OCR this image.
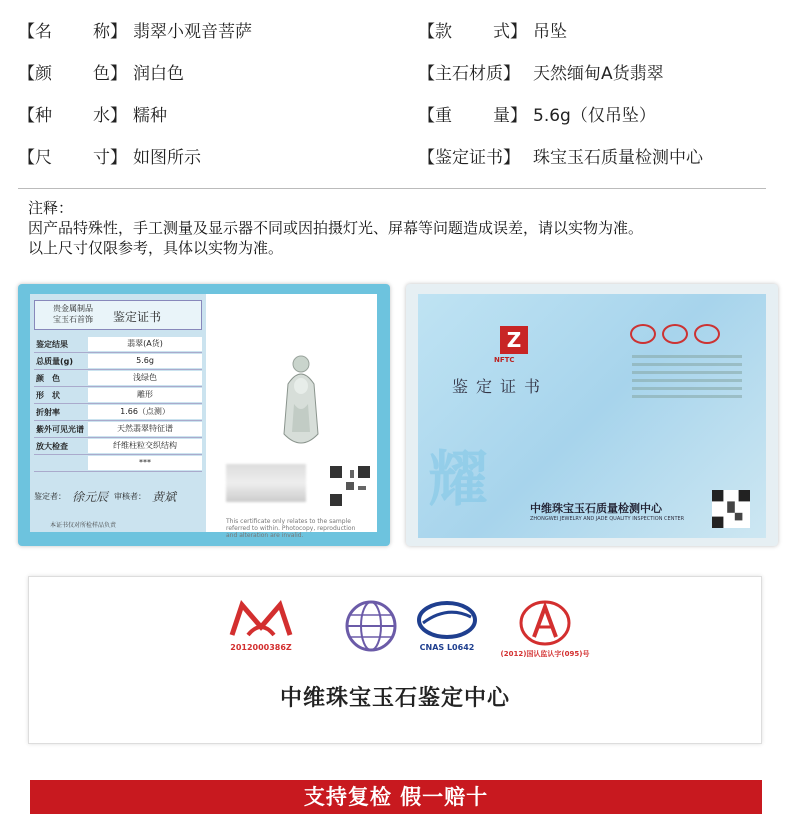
【名 称】 翡翠小观音菩萨	【款 式】 吊坠
【颜 色】 润白色	【主石材质】 天然缅甸A货翡翠
【种 水】 糯种	【重 量】 5.6g（仅吊坠）
【尺 寸】 如图所示	【鉴定证书】 珠宝玉石质量检测中心
注释：
因产品特殊性，手工测量及显示器不同或因拍摄灯光、屏幕等问题造成误差，请以实物为准。
以上尺寸仅限参考，具体以实物为准。
贵金属制品 宝玉石首饰 鉴定证书
鉴定结果	翡翠(A货)
总质量(g)	5.6g
颜　色	浅绿色
形　状	雕形
折射率	1.66（点测）
紫外可见光谱	天然翡翠特征谱
放大检查	纤维柱粒交织结构
***
鉴定者： 徐元辰 审核者： 黄斌
本证书仅对所检样品负责
This certificate only relates to the sample referred to within. Photocopy, reproduction and alteration are invalid.
Z
NFTC
鉴定证书
耀	中维珠宝玉石质量检测中心
ZHONGWEI JEWELRY AND JADE QUALITY INSPECTION CENTER
2012000386Z	CNAS L0642
(2012)国认监认字(095)号
中维珠宝玉石鉴定中心
支持复检 假一赔十
